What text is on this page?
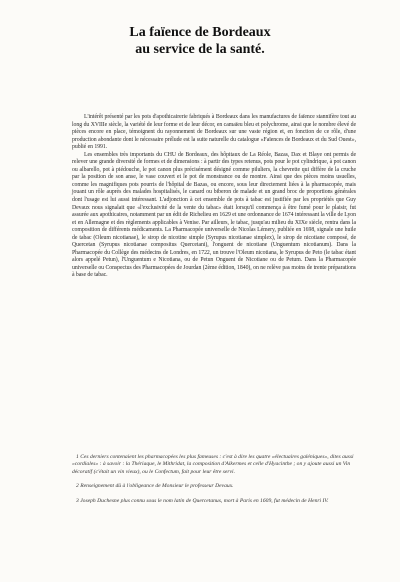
La faïence de Bordeaux
au service de la santé.

L'intérêt présenté par les pots d'apothicairerie fabriqués à Bordeaux dans les manufactures de faïence stannifère tout au long du XVIIIe siècle, la variété de leur forme et de leur décor, en camaïeu bleu et polychrome, ainsi que le nombre élevé de pièces encore en place, témoignent du rayonnement de Bordeaux sur une vaste région et, en fonction de ce rôle, d'une production abondante dont le nécessaire prélude est la suite naturelle du catalogue «Faïences de Bordeaux et du Sud Ouest», publié en 1991.

Les ensembles très importants du CHU de Bordeaux, des hôpitaux de La Réole, Bazas, Dax et Blaye ont permis de relever une grande diversité de formes et de dimensions : à partir des types retenus, pots pour le pot cylindrique, à pot canon ou albarello, pot à piédouche, le pot canon plus précisément désigné comme piluliers, la chevrette qui diffère de la cruche par la position de son anse, le vase couvert et le pot de monstrance ou de montre. Ainsi que des pièces moins usuelles, comme les magnifiques pots pourris de l'hôpital de Bazas, ou encore, sous leur directement liées à la pharmacopée, mais jouant un rôle auprès des malades hospitalisés, le canard ou biberon de malade et un grand broc de proportions générales dont l'usage est lui aussi intéressant. L'adjonction à cet ensemble de pots à tabac est justifiée par les propriétés que Guy Devaux nous signalait que «l'exclusivité de la vente du tabac» était lorsqu'il commença à être fumé pour le plaisir, fut assurée aux apothicaires, notamment par un édit de Richelieu en 1629 et une ordonnance de 1674 intéressant la ville de Lyon et en Allemagne et des règlements applicables à Venise. Par ailleurs, le tabac, jusqu'au milieu du XIXe siècle, rentra dans la composition de différents médicaments. La Pharmacopée universelle de Nicolas Lémery, publiée en 1698, signale une huile de tabac (Oleum nicotianae), le sirop de nicotine simple (Syrupus nicotianae simplex), le sirop de nicotiane composé, de Quercetan (Syrupus nicotianae compositus Quercetani), l'onguent de nicotiane (Unguentum nicotianum). Dans la Pharmacopée du Collège des médecins de Londres, en 1722, un trouve l'Oleum nicotiana, le Syrupus de Peto (le tabac étant alors appelé Petun), l'Unguentum e Nicotiana, ou de Petun Onguent de Nicotiane ou de Petum. Dans la Pharmacopée universelle ou Conspectus des Pharmacopées de Jourdan (2ème édition, 1840), on ne relève pas moins de trente préparations à base de tabac.

1 Ces derniers contenaient les pharmacopées les plus fameuses : c'est à dire les quatre «électuaires galéniques», dites aussi «cordiales» : à savoir : la Thériaque, le Mithridat, la composition d'Alkermes et celle d'Hyacinthe ; on y ajoute aussi un Vin décoratif (c'était un vin vieux), ou le Confectum, fait pour leur être servi.

2 Renseignement dû à l'obligeance de Monsieur le professeur Devaux.

3 Joseph Duchesne plus connu sous le nom latin de Quercetanus, mort à Paris en 1609, fut médecin de Henri IV.
